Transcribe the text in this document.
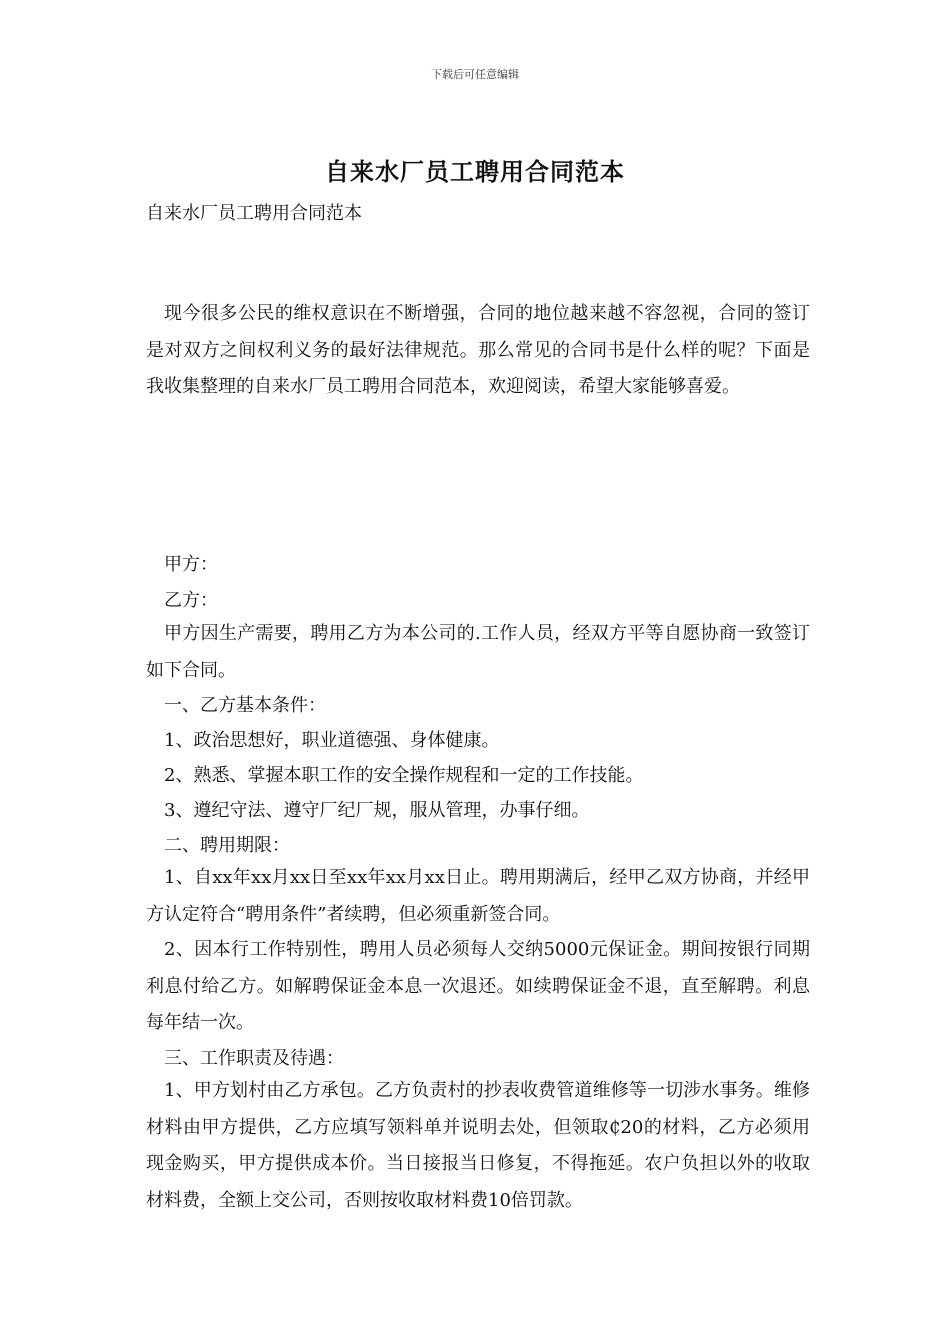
下载后可任意编辑
自来水厂员工聘用合同范本
自来水厂员工聘用合同范本

现今很多公民的维权意识在不断增强，合同的地位越来越不容忽视，合同的签订是对双方之间权利义务的最好法律规范。那么常见的合同书是什么样的呢？下面是我收集整理的自来水厂员工聘用合同范本，欢迎阅读，希望大家能够喜爱。

甲方：

乙方：

甲方因生产需要，聘用乙方为本公司的.工作人员，经双方平等自愿协商一致签订如下合同。

一、乙方基本条件：

1、政治思想好，职业道德强、身体健康。

2、熟悉、掌握本职工作的安全操作规程和一定的工作技能。

3、遵纪守法、遵守厂纪厂规，服从管理，办事仔细。

二、聘用期限：

1、自xx年xx月xx日至xx年xx月xx日止。聘用期满后，经甲乙双方协商，并经甲方认定符合“聘用条件”者续聘，但必须重新签合同。

2、因本行工作特别性，聘用人员必须每人交纳5000元保证金。期间按银行同期利息付给乙方。如解聘保证金本息一次退还。如续聘保证金不退，直至解聘。利息每年结一次。

三、工作职责及待遇：

1、甲方划村由乙方承包。乙方负责村的抄表收费管道维修等一切涉水事务。维修材料由甲方提供，乙方应填写领料单并说明去处，但领取₵20的材料，乙方必须用现金购买，甲方提供成本价。当日接报当日修复，不得拖延。农户负担以外的收取材料费，全额上交公司，否则按收取材料费10倍罚款。
